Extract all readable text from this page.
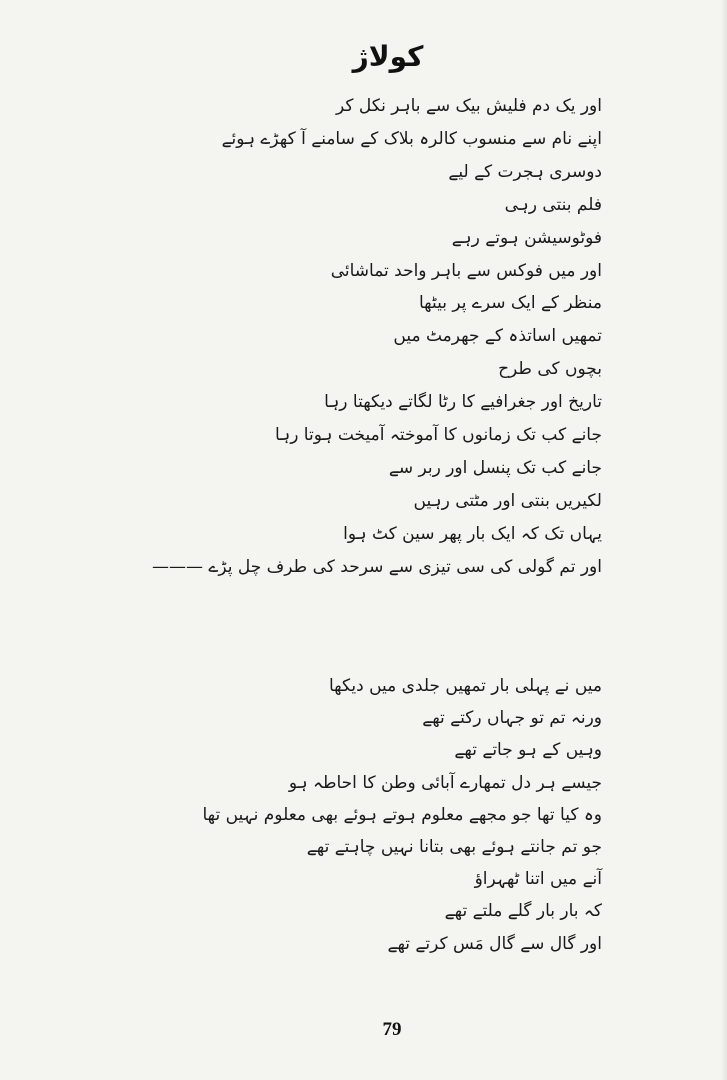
کولاژ
اور یک دم فلیش بیک سے باہر نکل کر
اپنے نام سے منسوب کالرہ بلاک کے سامنے آ کھڑے ہوئے
دوسری ہجرت کے لیے
فلم بنتی رہی
فوٹوسیشن ہوتے رہے
اور میں فوکس سے باہر واحد تماشائی
منظر کے ایک سرے پر بیٹھا
تمھیں اساتذہ کے جھرمٹ میں
بچوں کی طرح
تاریخ اور جغرافیے کا رٹا لگاتے دیکھتا رہا
جانے کب تک زمانوں کا آموختہ آمیخت ہوتا رہا
جانے کب تک پنسل اور ربر سے
لکیریں بنتی اور مٹتی رہیں
یہاں تک کہ ایک بار پھر سین کٹ ہوا
اور تم گولی کی سی تیزی سے سرحد کی طرف چل پڑے ———
میں نے پہلی بار تمھیں جلدی میں دیکھا
ورنہ تم تو جہاں رکتے تھے
وہیں کے ہو جاتے تھے
جیسے ہر دل تمھارے آبائی وطن کا احاطہ ہو
وہ کیا تھا جو مجھے معلوم ہوتے ہوئے بھی معلوم نہیں تھا
جو تم جانتے ہوئے بھی بتانا نہیں چاہتے تھے
آنے میں اتنا ٹھہراؤ
کہ بار بار گلے ملتے تھے
اور گال سے گال مَس کرتے تھے
79
